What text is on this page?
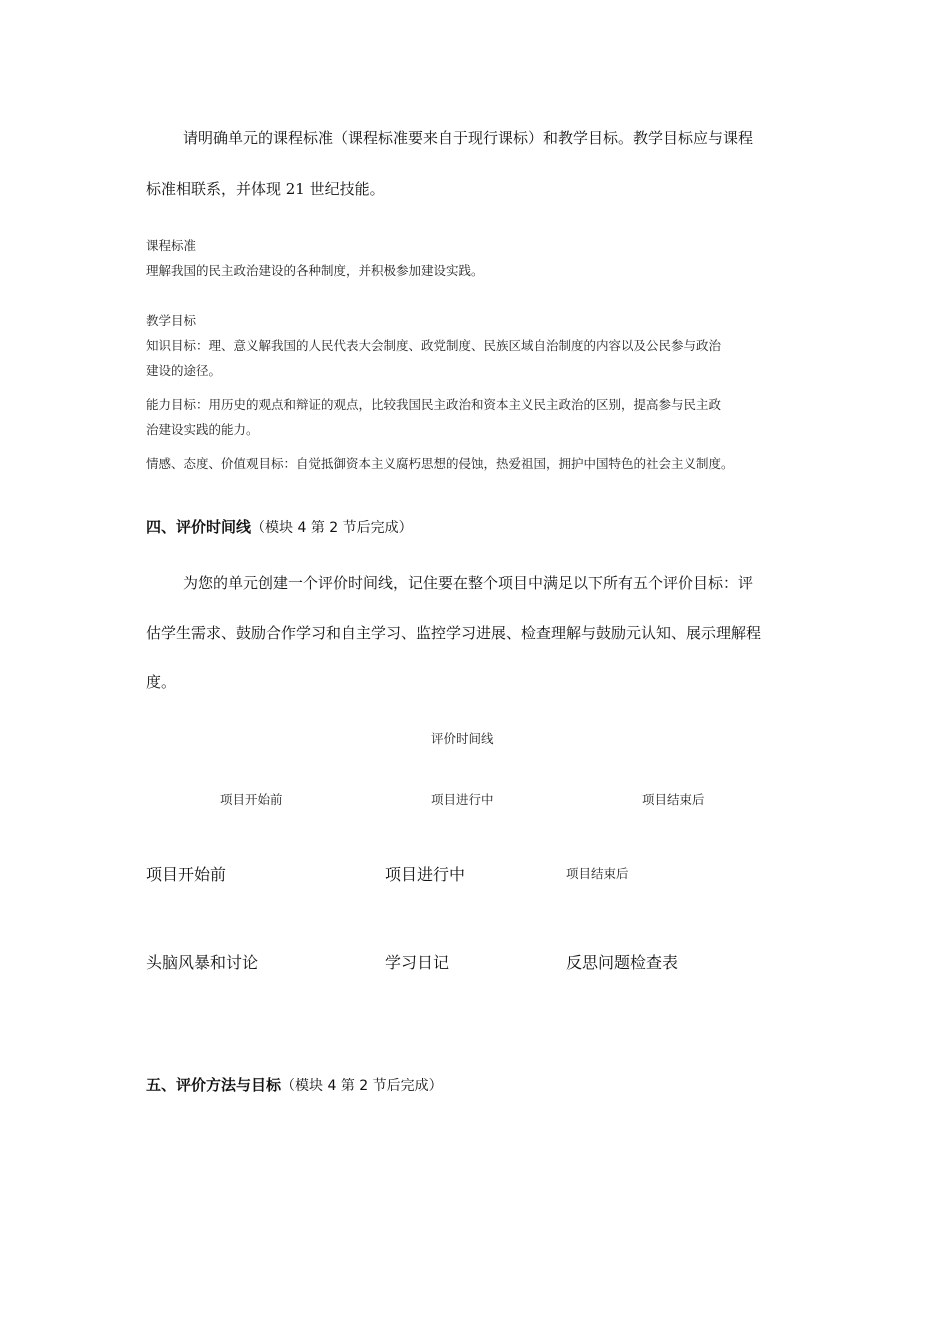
请明确单元的课程标准（课程标准要来自于现行课标）和教学目标。教学目标应与课程
标准相联系，并体现 21 世纪技能。
课程标准
理解我国的民主政治建设的各种制度，并积极参加建设实践。
教学目标
知识目标：理、意义解我国的人民代表大会制度、政党制度、民族区域自治制度的内容以及公民参与政治
建设的途径。
能力目标：用历史的观点和辩证的观点，比较我国民主政治和资本主义民主政治的区别，提高参与民主政
治建设实践的能力。
情感、态度、价值观目标：自觉抵御资本主义腐朽思想的侵蚀，热爱祖国，拥护中国特色的社会主义制度。
四、评价时间线（模块 4 第 2 节后完成）
为您的单元创建一个评价时间线，记住要在整个项目中满足以下所有五个评价目标：评
估学生需求、鼓励合作学习和自主学习、监控学习进展、检查理解与鼓励元认知、展示理解程
度。
评价时间线
项目开始前	项目进行中	项目结束后
项目开始前	项目进行中	项目结束后
头脑风暴和讨论	学习日记	反思问题检查表
五、评价方法与目标（模块 4 第 2 节后完成）
